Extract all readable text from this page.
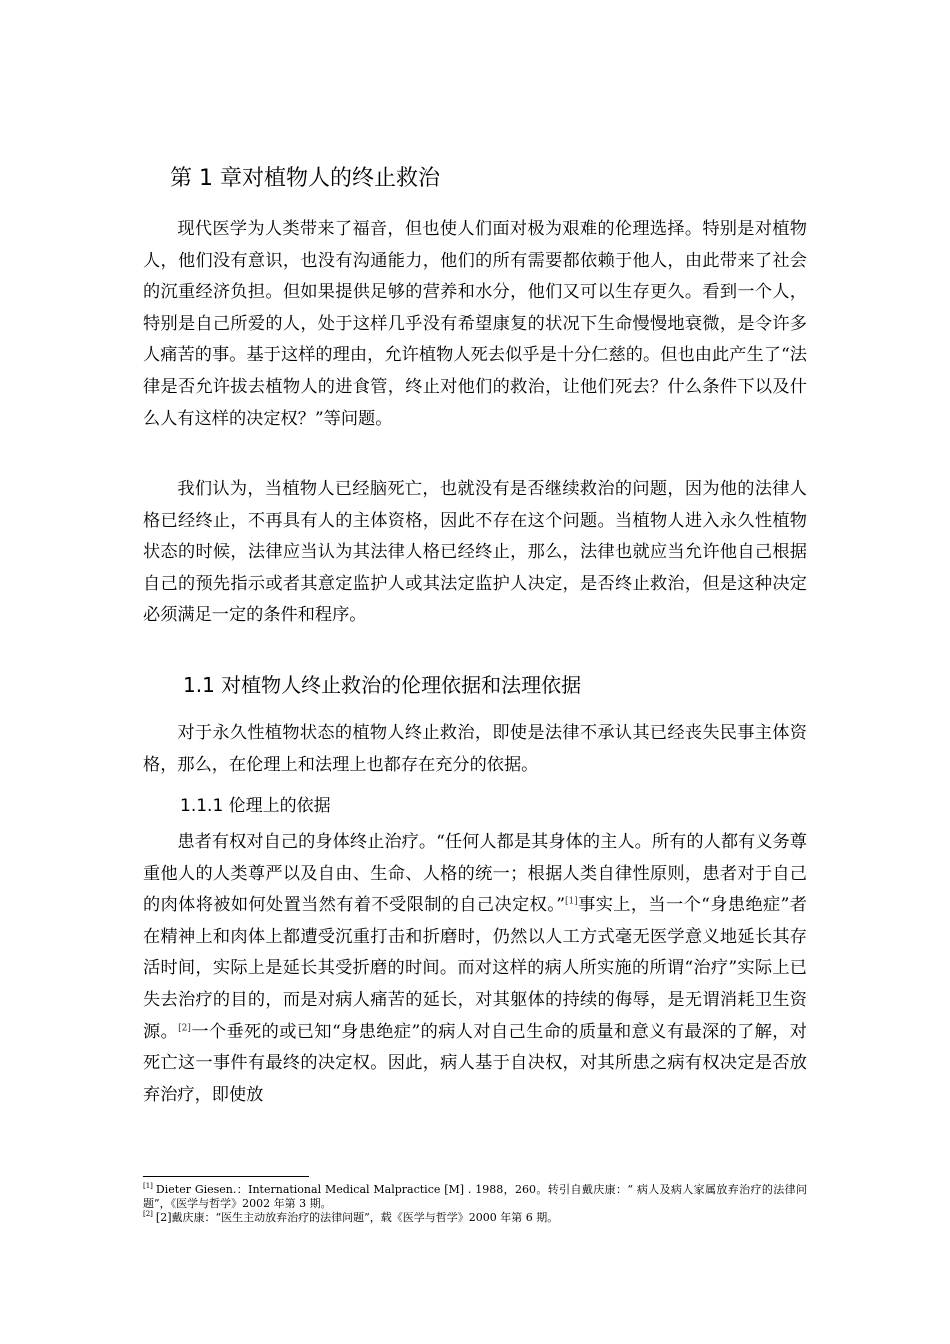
第 1 章对植物人的终止救治

现代医学为人类带来了福音，但也使人们面对极为艰难的伦理选择。特别是对植物人，他们没有意识，也没有沟通能力，他们的所有需要都依赖于他人，由此带来了社会的沉重经济负担。但如果提供足够的营养和水分，他们又可以生存更久。看到一个人，特别是自己所爱的人，处于这样几乎没有希望康复的状况下生命慢慢地衰微，是令许多人痛苦的事。基于这样的理由，允许植物人死去似乎是十分仁慈的。但也由此产生了“法律是否允许拔去植物人的进食管，终止对他们的救治，让他们死去？什么条件下以及什么人有这样的决定权？”等问题。

我们认为，当植物人已经脑死亡，也就没有是否继续救治的问题，因为他的法律人格已经终止，不再具有人的主体资格，因此不存在这个问题。当植物人进入永久性植物状态的时候，法律应当认为其法律人格已经终止，那么，法律也就应当允许他自己根据自己的预先指示或者其意定监护人或其法定监护人决定，是否终止救治，但是这种决定必须满足一定的条件和程序。

1.1 对植物人终止救治的伦理依据和法理依据

对于永久性植物状态的植物人终止救治，即使是法律不承认其已经丧失民事主体资格，那么，在伦理上和法理上也都存在充分的依据。

1.1.1 伦理上的依据

患者有权对自己的身体终止治疗。“任何人都是其身体的主人。所有的人都有义务尊重他人的人类尊严以及自由、生命、人格的统一；根据人类自律性原则，患者对于自己的肉体将被如何处置当然有着不受限制的自己决定权。”[1]事实上，当一个“身患绝症”者在精神上和肉体上都遭受沉重打击和折磨时，仍然以人工方式毫无医学意义地延长其存活时间，实际上是延长其受折磨的时间。而对这样的病人所实施的所谓“治疗”实际上已失去治疗的目的，而是对病人痛苦的延长，对其躯体的持续的侮辱，是无谓消耗卫生资源。[2]一个垂死的或已知“身患绝症”的病人对自己生命的质量和意义有最深的了解，对死亡这一事件有最终的决定权。因此，病人基于自决权，对其所患之病有权决定是否放弃治疗，即使放

[1] Dieter Giesen.：International Medical Malpractice [M] . 1988，260。转引自戴庆康：“ 病人及病人家属放弃治疗的法律问题”，《医学与哲学》2002 年第 3 期。

[2] [2]戴庆康：“医生主动放弃治疗的法律问题”，载《医学与哲学》2000 年第 6 期。
